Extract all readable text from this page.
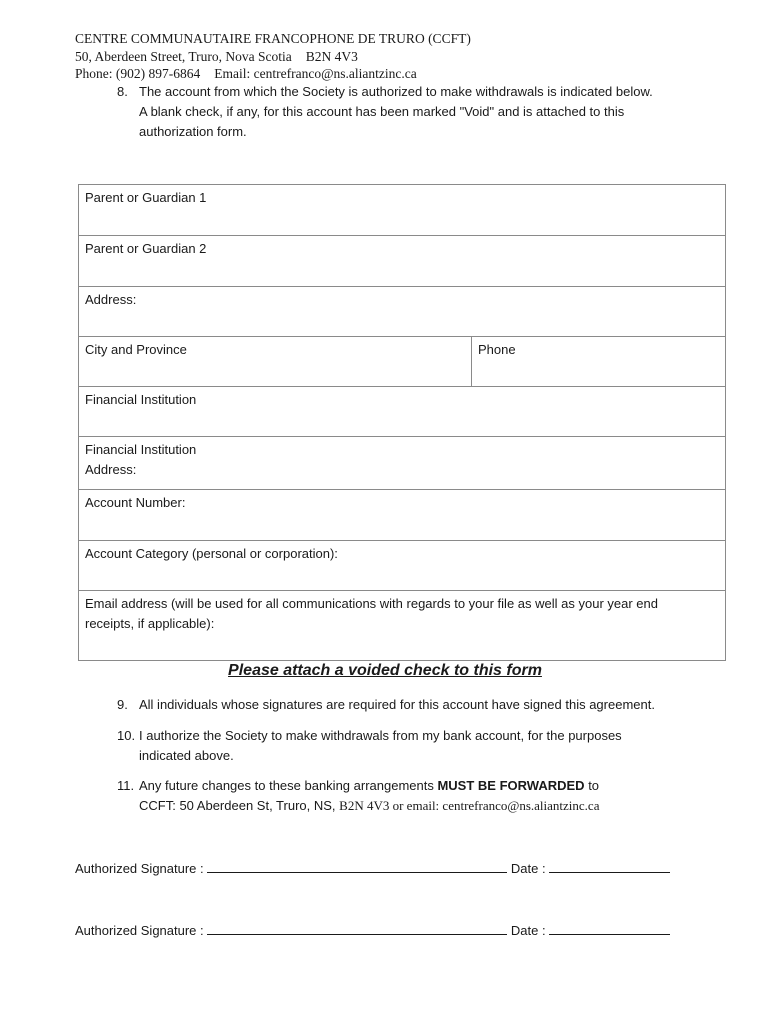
CENTRE COMMUNAUTAIRE FRANCOPHONE DE TRURO (CCFT)
50, Aberdeen Street, Truro, Nova Scotia B2N 4V3
Phone: (902) 897-6864 Email: centrefranco@ns.aliantzinc.ca
8. The account from which the Society is authorized to make withdrawals is indicated below.
A blank check, if any, for this account has been marked "Void" and is attached to this
authorization form.
Parent or Guardian 1
Parent or Guardian 2
Address:
City and Province	Phone
Financial Institution
Financial Institution
Address:
Account Number:
Account Category (personal or corporation):
Email address (will be used for all communications with regards to your file as well as your year end
receipts, if applicable):
Please attach a voided check to this form
9. All individuals whose signatures are required for this account have signed this agreement.
10. I authorize the Society to make withdrawals from my bank account, for the purposes
indicated above.
11. Any future changes to these banking arrangements MUST BE FORWARDED to
CCFT: 50 Aberdeen St, Truro, NS, B2N 4V3 or email: centrefranco@ns.aliantzinc.ca
Authorized Signature :	Date :
Authorized Signature :	Date :
